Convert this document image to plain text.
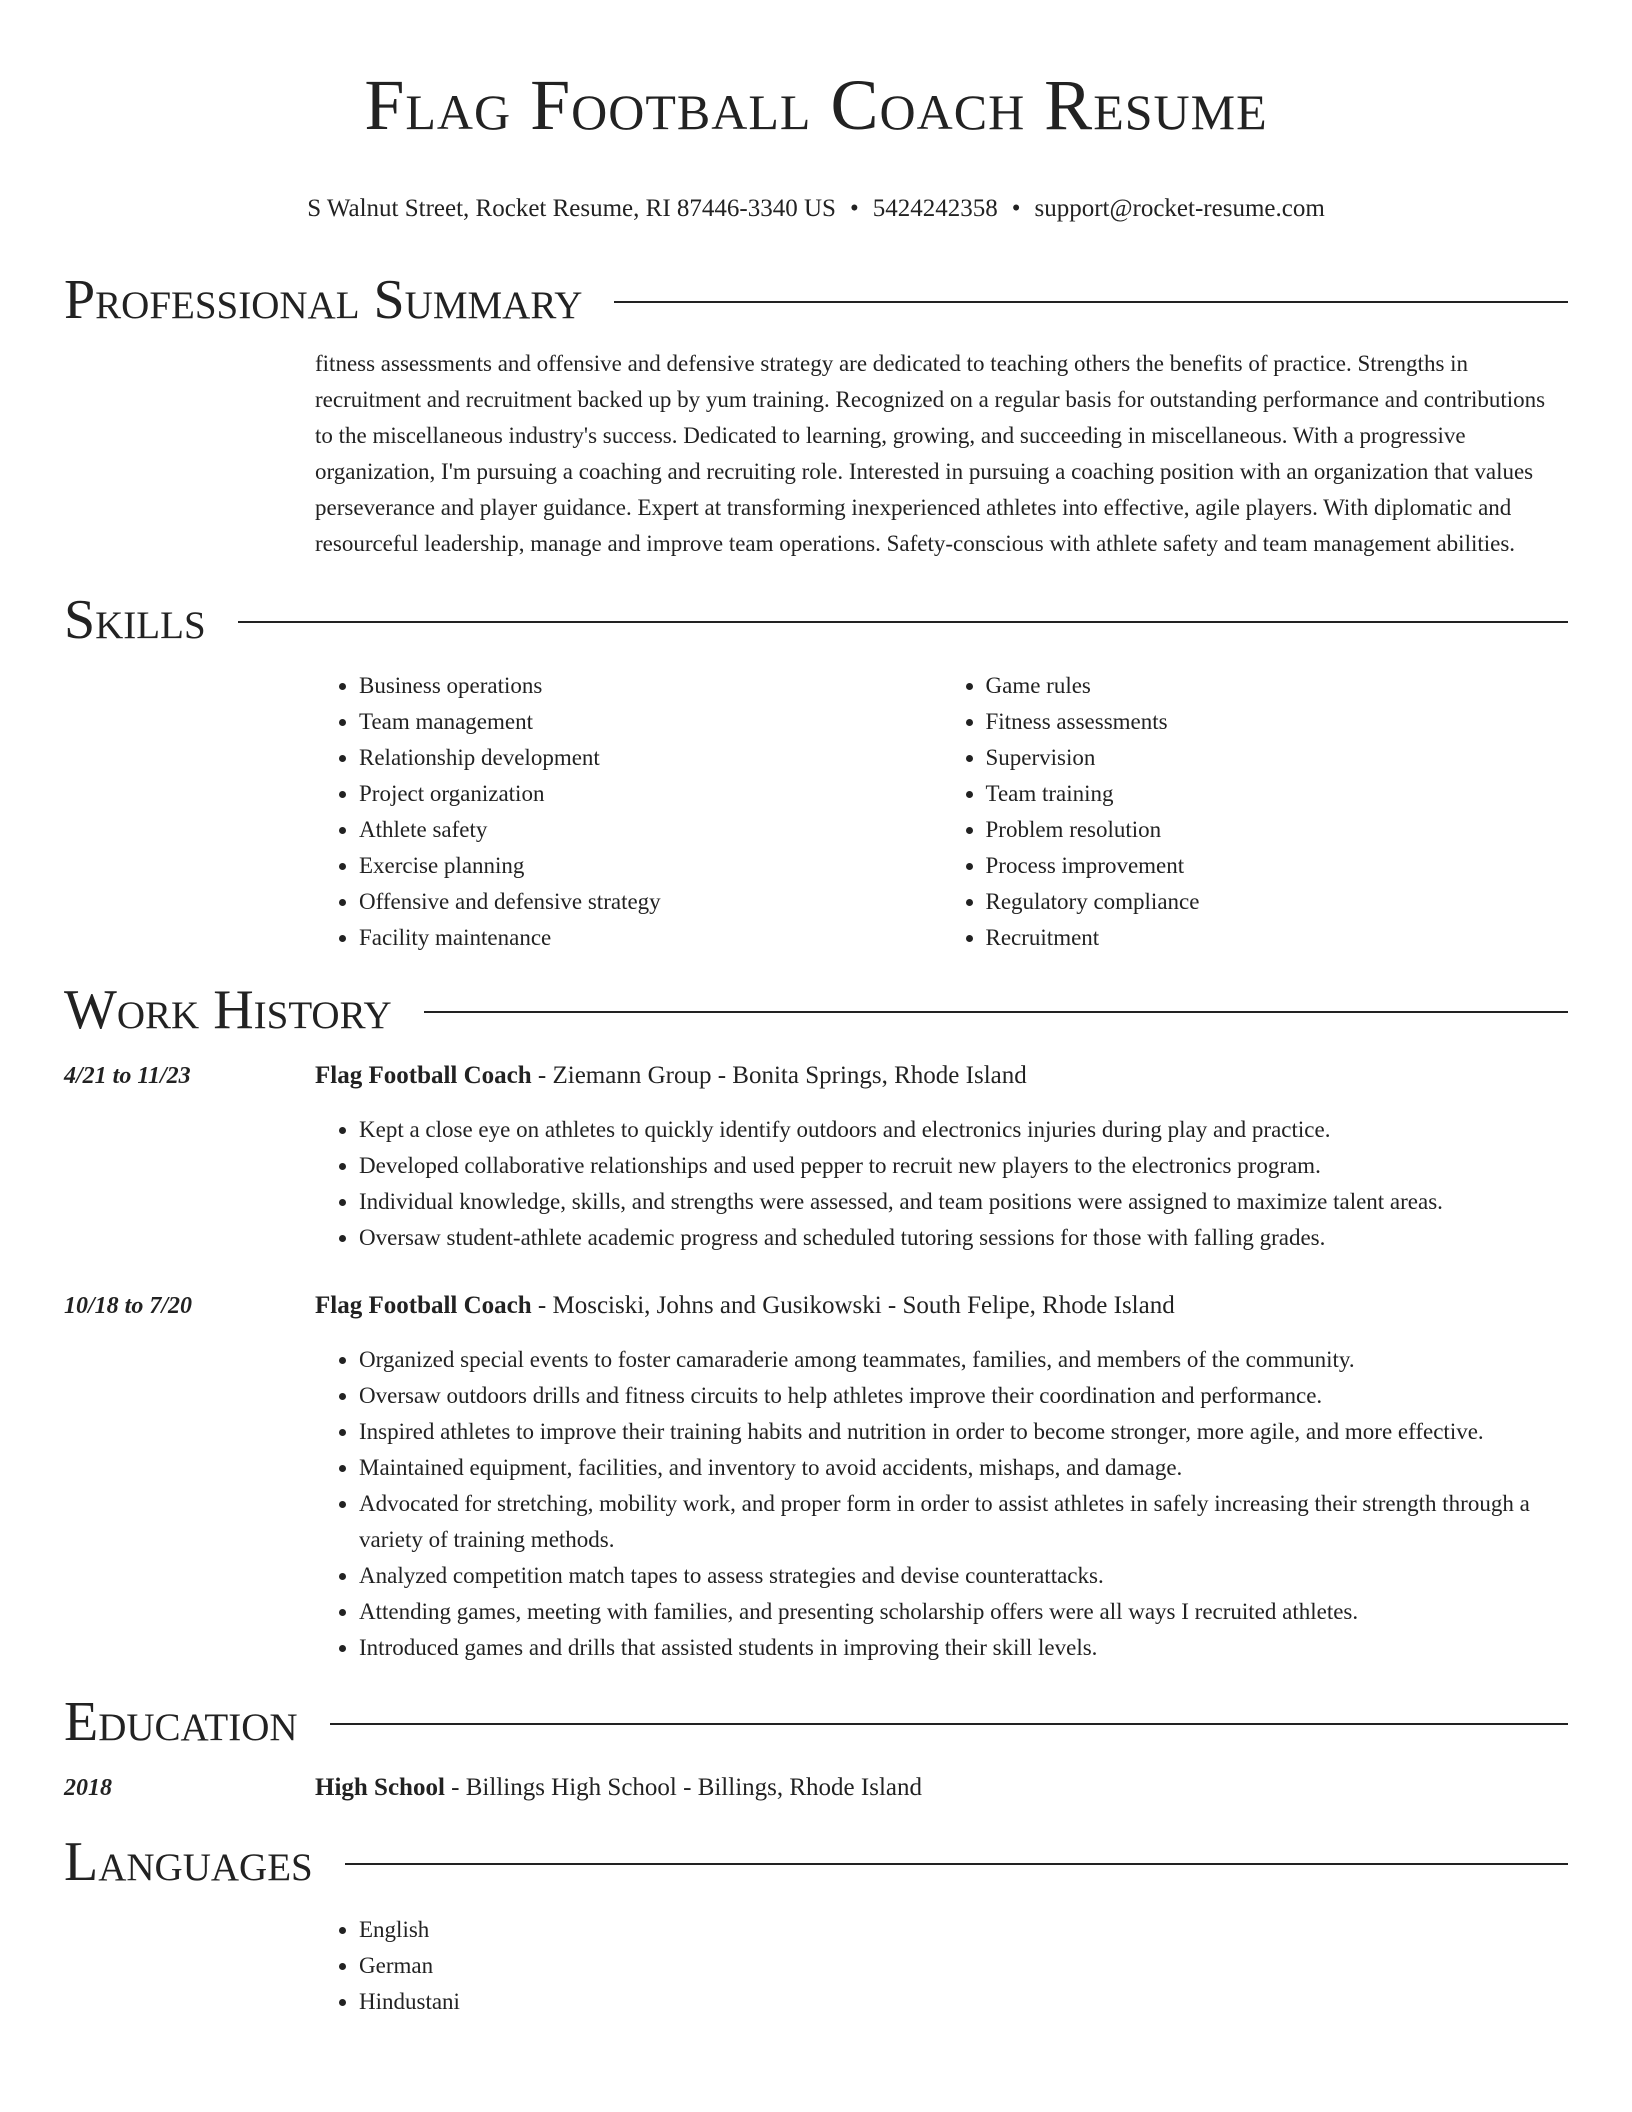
Flag Football Coach Resume
S Walnut Street, Rocket Resume, RI 87446-3340 US • 5424242358 • support@rocket-resume.com
Professional Summary

fitness assessments and offensive and defensive strategy are dedicated to teaching others the benefits of practice. Strengths in recruitment and recruitment backed up by yum training. Recognized on a regular basis for outstanding performance and contributions to the miscellaneous industry's success. Dedicated to learning, growing, and succeeding in miscellaneous. With a progressive organization, I'm pursuing a coaching and recruiting role. Interested in pursuing a coaching position with an organization that values perseverance and player guidance. Expert at transforming inexperienced athletes into effective, agile players. With diplomatic and resourceful leadership, manage and improve team operations. Safety-conscious with athlete safety and team management abilities.

Skills
• Business operations
• Team management
• Relationship development
• Project organization
• Athlete safety
• Exercise planning
• Offensive and defensive strategy
• Facility maintenance
• Game rules
• Fitness assessments
• Supervision
• Team training
• Problem resolution
• Process improvement
• Regulatory compliance
• Recruitment
Work History
4/21 to 11/23	Flag Football Coach - Ziemann Group - Bonita Springs, Rhode Island
• Kept a close eye on athletes to quickly identify outdoors and electronics injuries during play and practice.
• Developed collaborative relationships and used pepper to recruit new players to the electronics program.
• Individual knowledge, skills, and strengths were assessed, and team positions were assigned to maximize talent areas.
• Oversaw student-athlete academic progress and scheduled tutoring sessions for those with falling grades.
10/18 to 7/20	Flag Football Coach - Mosciski, Johns and Gusikowski - South Felipe, Rhode Island
• Organized special events to foster camaraderie among teammates, families, and members of the community.
• Oversaw outdoors drills and fitness circuits to help athletes improve their coordination and performance.
• Inspired athletes to improve their training habits and nutrition in order to become stronger, more agile, and more effective.
• Maintained equipment, facilities, and inventory to avoid accidents, mishaps, and damage.
• Advocated for stretching, mobility work, and proper form in order to assist athletes in safely increasing their strength through a variety of training methods.
• Analyzed competition match tapes to assess strategies and devise counterattacks.
• Attending games, meeting with families, and presenting scholarship offers were all ways I recruited athletes.
• Introduced games and drills that assisted students in improving their skill levels.
Education
2018	High School - Billings High School - Billings, Rhode Island
Languages
• English
• German
• Hindustani
